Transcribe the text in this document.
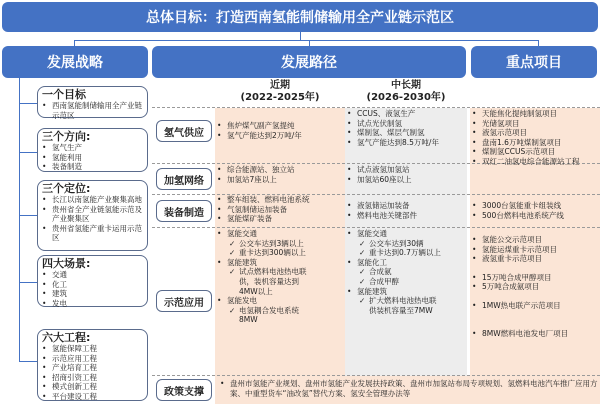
总体目标：打造西南氢能制储输用全产业链示范区
发展战略	发展路径	重点项目
一个目标
• 西南氢能制储输用全产业链示范区
三个方向:
• 氢气生产
• 氢能利用
• 装备制造
三个定位:
• 长江以南氢能产业聚集高地
• 贵州省全产业链氢能示范及产业聚集区
• 贵州省氢能产重卡运用示范区
四大场景:
• 交通
• 化工
• 建筑
• 发电
六大工程:
• 氢能保障工程
• 示范应用工程
• 产业培育工程
• 招商引资工程
• 模式创新工程
• 平台建设工程
近期
(2022-2025年)
中长期
(2026-2030年)
氢气供应
加氢网络
装备制造
示范应用
政策支撑
• 焦炉煤气副产氢提纯
• 氢气产能达到2万吨/年
• CCUS、液氢生产
• 试点光伏制氢
• 煤制氢、煤层气制氢
• 氢气产能达到8.5万吨/年
• 天能焦化提纯制氢项目
• 光储氢项目
• 液氢示范项目
• 盘南1.6万吨煤制氢项目
• 煤制氢CCUS示范项目
• 综合能源站、独立站
• 加氢站7座以上
• 试点液氢加氢站
• 加氢站60座以上
• 双红二油氢电综合能源站工程
• 整车组装、燃料电池系统
• 气氢制储运加装备
• 氢能煤矿装备
• 液氢储运加装备
• 燃料电池关键部件
• 3000台氢能重卡组装线
• 500台燃料电池系统产线
• 氢能交通
✓ 公交车达到3辆以上
✓ 重卡达到300辆以上
• 氢能建筑
✓ 试点燃料电池热电联
供，装机容量达到
4MW以上
• 氢能发电
✓ 电氢耦合发电系统
8MW
• 氢能交通
✓ 公交车达到30辆
✓ 重卡达到0.7万辆以上
• 氢能化工
✓ 合成氨
✓ 合成甲醇
• 氢能建筑
✓ 扩大燃料电池热电联
供装机容量至7MW
• 氢能公交示范项目
• 氢能运煤重卡示范项目
• 液氢重卡示范项目
• 15万吨合成甲醇项目
• 5万吨合成氨项目
• 1MW热电联产示范项目
• 8MW燃料电池发电厂项目
• 盘州市氢能产业规划、盘州市氢能产业发展扶持政策、盘州市加氢站布局专项规划、氢燃料电池汽车推广应用方案、中重型货车“油改氢”替代方案、氢安全管理办法等
